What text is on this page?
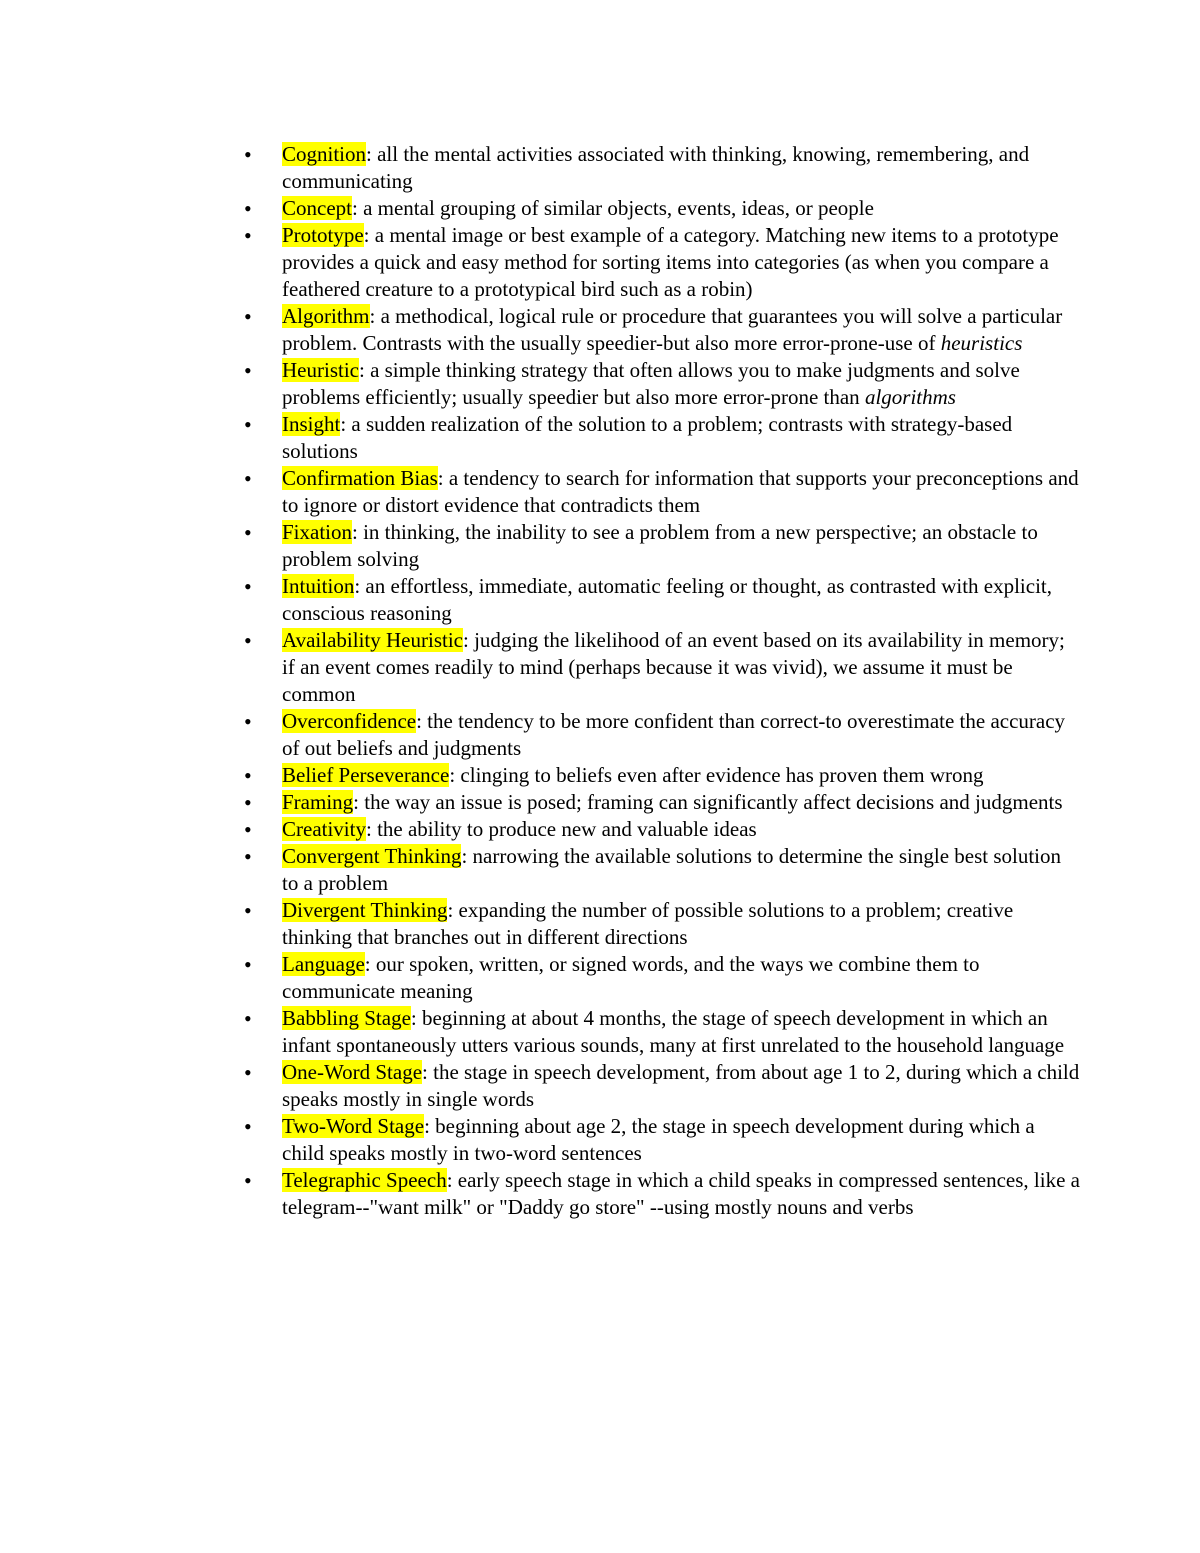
• Cognition: all the mental activities associated with thinking, knowing, remembering, and communicating
• Concept: a mental grouping of similar objects, events, ideas, or people
• Prototype: a mental image or best example of a category. Matching new items to a prototype provides a quick and easy method for sorting items into categories (as when you compare a feathered creature to a prototypical bird such as a robin)
• Algorithm: a methodical, logical rule or procedure that guarantees you will solve a particular problem. Contrasts with the usually speedier-but also more error-prone-use of heuristics
• Heuristic: a simple thinking strategy that often allows you to make judgments and solve problems efficiently; usually speedier but also more error-prone than algorithms
• Insight: a sudden realization of the solution to a problem; contrasts with strategy-based solutions
• Confirmation Bias: a tendency to search for information that supports your preconceptions and to ignore or distort evidence that contradicts them
• Fixation: in thinking, the inability to see a problem from a new perspective; an obstacle to problem solving
• Intuition: an effortless, immediate, automatic feeling or thought, as contrasted with explicit, conscious reasoning
• Availability Heuristic: judging the likelihood of an event based on its availability in memory; if an event comes readily to mind (perhaps because it was vivid), we assume it must be common
• Overconfidence: the tendency to be more confident than correct-to overestimate the accuracy of out beliefs and judgments
• Belief Perseverance: clinging to beliefs even after evidence has proven them wrong
• Framing: the way an issue is posed; framing can significantly affect decisions and judgments
• Creativity: the ability to produce new and valuable ideas
• Convergent Thinking: narrowing the available solutions to determine the single best solution to a problem
• Divergent Thinking: expanding the number of possible solutions to a problem; creative thinking that branches out in different directions
• Language: our spoken, written, or signed words, and the ways we combine them to communicate meaning
• Babbling Stage: beginning at about 4 months, the stage of speech development in which an infant spontaneously utters various sounds, many at first unrelated to the household language
• One-Word Stage: the stage in speech development, from about age 1 to 2, during which a child speaks mostly in single words
• Two-Word Stage: beginning about age 2, the stage in speech development during which a child speaks mostly in two-word sentences
• Telegraphic Speech: early speech stage in which a child speaks in compressed sentences, like a telegram--"want milk" or "Daddy go store" --using mostly nouns and verbs
